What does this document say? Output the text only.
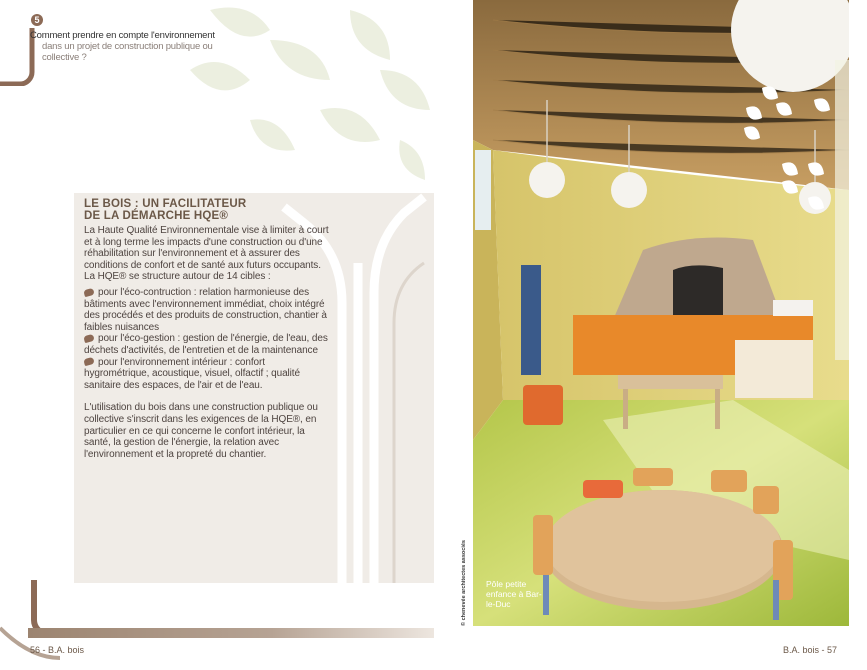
5
Comment prendre en compte l'environnement
dans un projet de construction publique ou collective ?
LE BOIS : UN FACILITATEUR
DE LA DÉMARCHE HQE®
La Haute Qualité Environnementale vise à limiter à court et à long terme les impacts d'une construction ou d'une réhabilitation sur l'environnement et à assurer des conditions de confort et de santé aux futurs occupants. La HQE® se structure autour de 14 cibles :
pour l'éco-contruction : relation harmonieuse des bâtiments avec l'environnement immédiat, choix intégré des procédés et des produits de construction, chantier à faibles nuisances
pour l'éco-gestion : gestion de l'énergie, de l'eau, des déchets d'activités, de l'entretien et de la maintenance
pour l'environnement intérieur : confort hygrométrique, acoustique, visuel, olfactif ; qualité sanitaire des espaces, de l'air et de l'eau.
L'utilisation du bois dans une construction publique ou collective s'inscrit dans les exigences de la HQE®, en particulier en ce qui concerne le confort intérieur, la santé, la gestion de l'énergie, la relation avec l'environnement et la propreté du chantier.
56 - B.A. bois
© chenevée architectes associés Pôle petite enfance à Bar-le-Duc
B.A. bois - 57
